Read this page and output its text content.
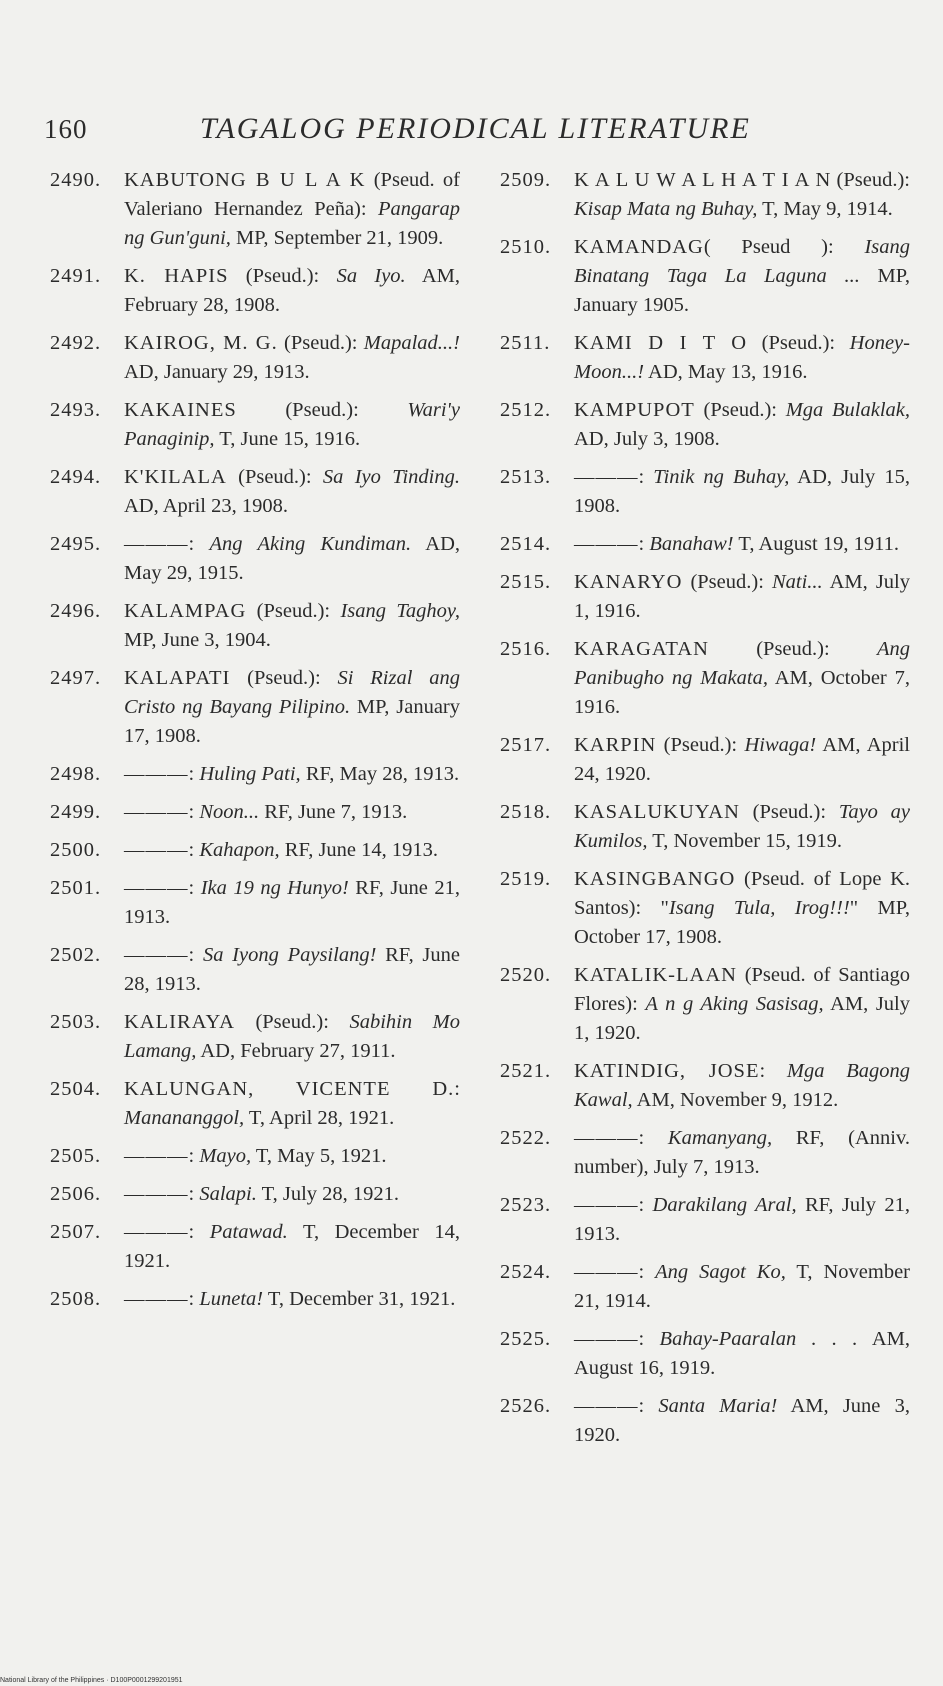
160	TAGALOG PERIODICAL LITERATURE
2490. KABUTONG B U L A K (Pseud. of Valeriano Hernandez Peña): Pangarap ng Gun'guni, MP, September 21, 1909.
2491. K. HAPIS (Pseud.): Sa Iyo. AM, February 28, 1908.
2492. KAIROG, M. G. (Pseud.): Mapalad...! AD, January 29, 1913.
2493. KAKAINES (Pseud.): Wari'y Panaginip, T, June 15, 1916.
2494. K'KILALA (Pseud.): Sa Iyo Tinding. AD, April 23, 1908.
2495. ———: Ang Aking Kundiman. AD, May 29, 1915.
2496. KALAMPAG (Pseud.): Isang Taghoy, MP, June 3, 1904.
2497. KALAPATI (Pseud.): Si Rizal ang Cristo ng Bayang Pilipino. MP, January 17, 1908.
2498. ———: Huling Pati, RF, May 28, 1913.
2499. ———: Noon... RF, June 7, 1913.
2500. ———: Kahapon, RF, June 14, 1913.
2501. ———: Ika 19 ng Hunyo! RF, June 21, 1913.
2502. ———: Sa Iyong Paysilang! RF, June 28, 1913.
2503. KALIRAYA (Pseud.): Sabihin Mo Lamang, AD, February 27, 1911.
2504. KALUNGAN, VICENTE D.: Manananggol, T, April 28, 1921.
2505. ———: Mayo, T, May 5, 1921.
2506. ———: Salapi. T, July 28, 1921.
2507. ———: Patawad. T, December 14, 1921.
2508. ———: Luneta! T, December 31, 1921.
2509. K A L U W A L H A T I A N (Pseud.): Kisap Mata ng Buhay, T, May 9, 1914.
2510. KAMANDAG( Pseud ): Isang Binatang Taga La Laguna ... MP, January 1905.
2511. KAMI D I T O (Pseud.): Honey-Moon...! AD, May 13, 1916.
2512. KAMPUPOT (Pseud.): Mga Bulaklak, AD, July 3, 1908.
2513. ———: Tinik ng Buhay, AD, July 15, 1908.
2514. ———: Banahaw! T, August 19, 1911.
2515. KANARYO (Pseud.): Nati... AM, July 1, 1916.
2516. KARAGATAN (Pseud.): Ang Panibugho ng Makata, AM, October 7, 1916.
2517. KARPIN (Pseud.): Hiwaga! AM, April 24, 1920.
2518. KASALUKUYAN (Pseud.): Tayo ay Kumilos, T, November 15, 1919.
2519. KASINGBANGO (Pseud. of Lope K. Santos): "Isang Tula, Irog!!!" MP, October 17, 1908.
2520. KATALIK-LAAN (Pseud. of Santiago Flores): A n g Aking Sasisag, AM, July 1, 1920.
2521. KATINDIG, JOSE: Mga Bagong Kawal, AM, November 9, 1912.
2522. ———: Kamanyang, RF, (Anniv. number), July 7, 1913.
2523. ———: Darakilang Aral, RF, July 21, 1913.
2524. ———: Ang Sagot Ko, T, November 21, 1914.
2525. ———: Bahay-Paaralan . . . AM, August 16, 1919.
2526. ———: Santa Maria! AM, June 3, 1920.
National Library of the Philippines · D100P0001299201951
